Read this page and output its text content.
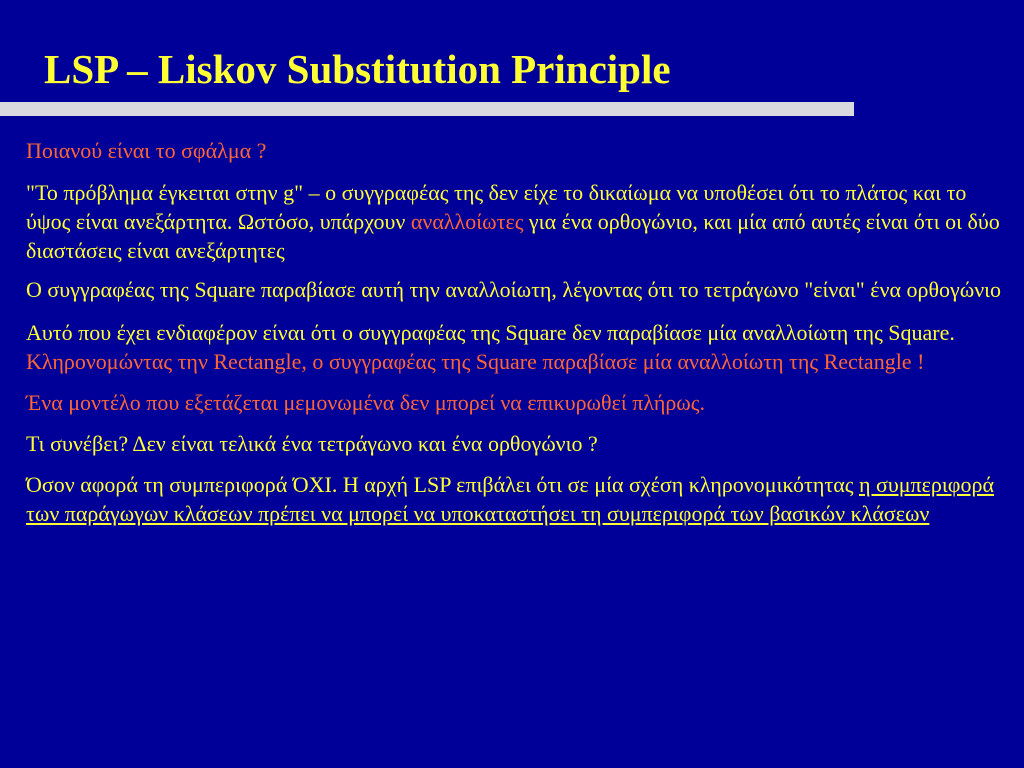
LSP – Liskov Substitution Principle

Ποιανού είναι το σφάλμα ?

"Το πρόβλημα έγκειται στην g" – ο συγγραφέας της δεν είχε το δικαίωμα να υποθέσει ότι το πλάτος και το ύψος είναι ανεξάρτητα. Ωστόσο, υπάρχουν αναλλοίωτες για ένα ορθογώνιο, και μία από αυτές είναι ότι οι δύο διαστάσεις είναι ανεξάρτητες

Ο συγγραφέας της Square παραβίασε αυτή την αναλλοίωτη, λέγοντας ότι το τετράγωνο "είναι" ένα ορθογώνιο

Αυτό που έχει ενδιαφέρον είναι ότι ο συγγραφέας της Square δεν παραβίασε μία αναλλοίωτη της Square. Κληρονομώντας την Rectangle, ο συγγραφέας της Square παραβίασε μία αναλλοίωτη της Rectangle !

Ένα μοντέλο που εξετάζεται μεμονωμένα δεν μπορεί να επικυρωθεί πλήρως.

Τι συνέβει? Δεν είναι τελικά ένα τετράγωνο και ένα ορθογώνιο ?

Όσον αφορά τη συμπεριφορά ΌΧΙ. Η αρχή LSP επιβάλει ότι σε μία σχέση κληρονομικότητας η συμπεριφορά των παράγωγων κλάσεων πρέπει να μπορεί να υποκαταστήσει τη συμπεριφορά των βασικών κλάσεων
